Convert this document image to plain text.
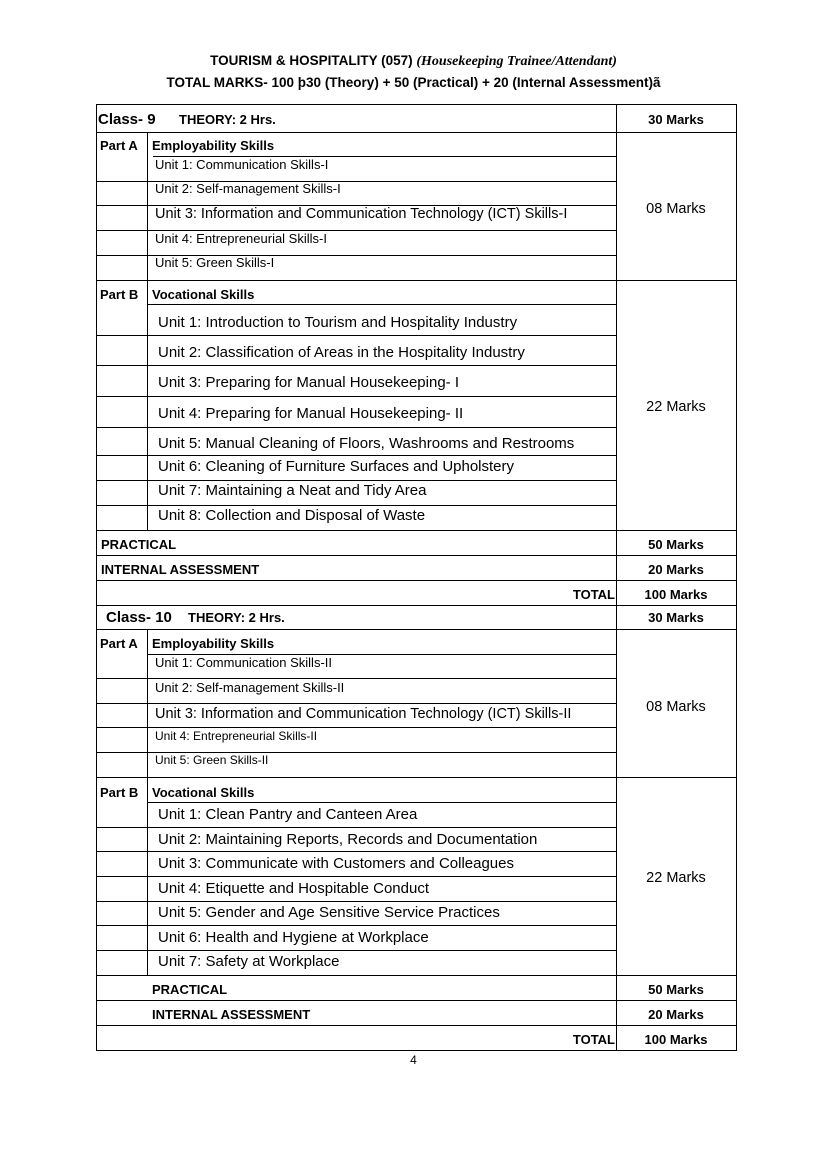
TOURISM & HOSPITALITY (057) (Housekeeping Trainee/Attendant)
TOTAL MARKS- 100 þ30 (Theory) + 50 (Practical) + 20 (Internal Assessment)ã
Class- 9 THEORY: 2 Hrs.	30 Marks
Part A Employability Skills
Unit 1: Communication Skills-I
Unit 2: Self-management Skills-I
Unit 3: Information and Communication Technology (ICT) Skills-I
Unit 4: Entrepreneurial Skills-I
Unit 5: Green Skills-I
08 Marks
Part B Vocational Skills
Unit 1: Introduction to Tourism and Hospitality Industry
Unit 2: Classification of Areas in the Hospitality Industry
Unit 3: Preparing for Manual Housekeeping- I
Unit 4: Preparing for Manual Housekeeping- II
Unit 5: Manual Cleaning of Floors, Washrooms and Restrooms
Unit 6: Cleaning of Furniture Surfaces and Upholstery
Unit 7: Maintaining a Neat and Tidy Area
Unit 8: Collection and Disposal of Waste
22 Marks
PRACTICAL	50 Marks
INTERNAL ASSESSMENT	20 Marks
TOTAL	100 Marks
Class- 10 THEORY: 2 Hrs.	30 Marks
Part A Employability Skills
Unit 1: Communication Skills-II
Unit 2: Self-management Skills-II
Unit 3: Information and Communication Technology (ICT) Skills-II
Unit 4: Entrepreneurial Skills-II
Unit 5: Green Skills-II
08 Marks
Part B Vocational Skills
Unit 1: Clean Pantry and Canteen Area
Unit 2: Maintaining Reports, Records and Documentation
Unit 3: Communicate with Customers and Colleagues
Unit 4: Etiquette and Hospitable Conduct
Unit 5: Gender and Age Sensitive Service Practices
Unit 6: Health and Hygiene at Workplace
Unit 7: Safety at Workplace
22 Marks
PRACTICAL	50 Marks
INTERNAL ASSESSMENT	20 Marks
TOTAL	100 Marks
4
